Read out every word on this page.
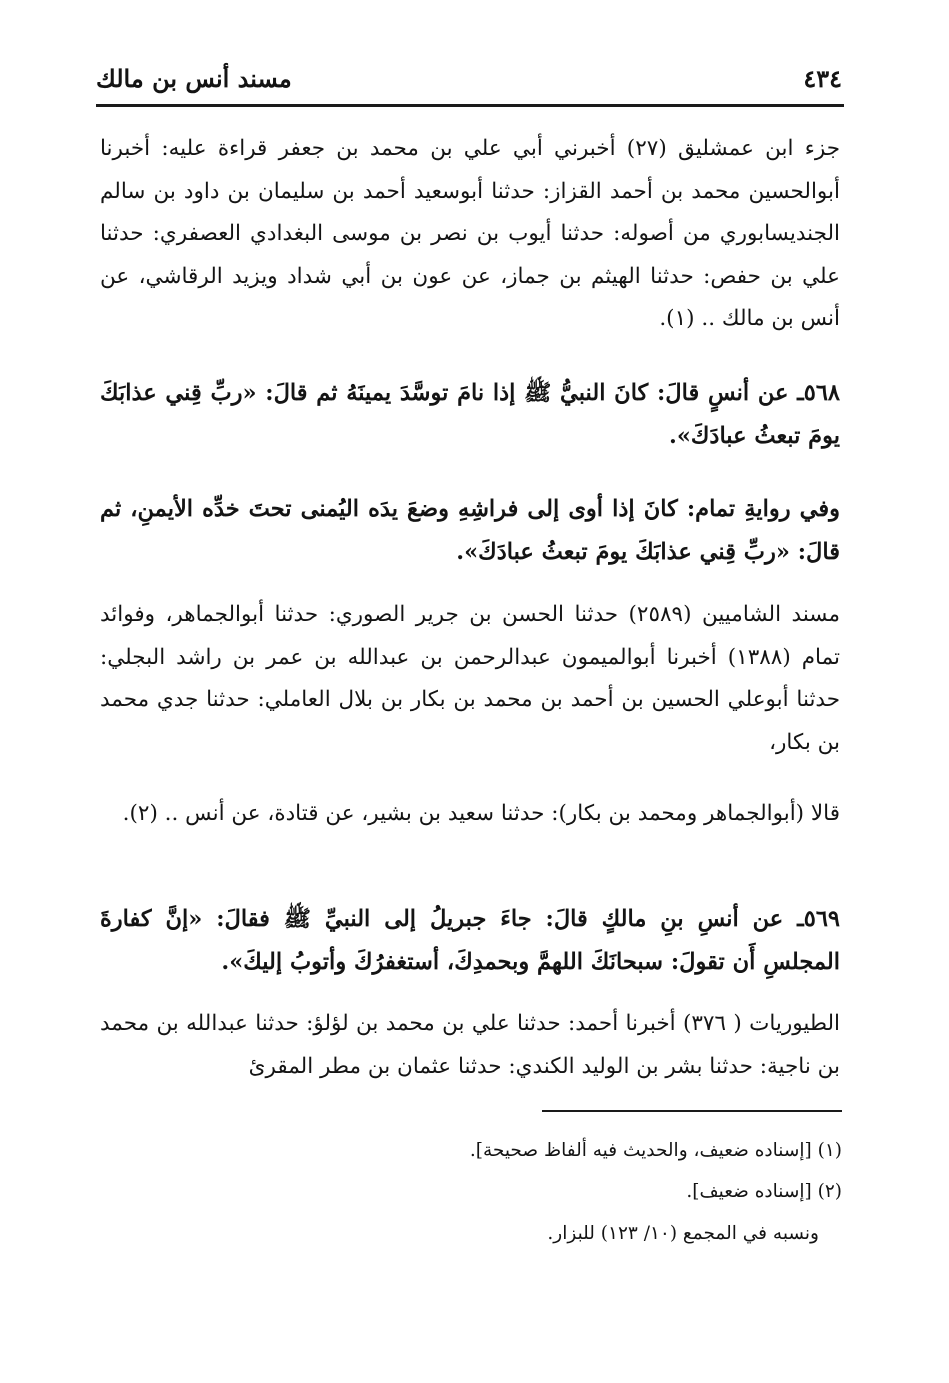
٤٣٤
مسند أنس بن مالك

جزء ابن عمشليق (٢٧) أخبرني أبي علي بن محمد بن جعفر قراءة عليه: أخبرنا أبوالحسين محمد بن أحمد القزاز: حدثنا أبوسعيد أحمد بن سليمان بن داود بن سالم الجنديسابوري من أصوله: حدثنا أيوب بن نصر بن موسى البغدادي العصفري: حدثنا علي بن حفص: حدثنا الهيثم بن جماز، عن عون بن أبي شداد ويزيد الرقاشي، عن أنس بن مالك .. (١).

٥٦٨ـ عن أنسٍ قالَ: كانَ النبيُّ ﷺ إذا نامَ توسَّدَ يمينَهُ ثم قالَ: «ربِّ قِني عذابَكَ يومَ تبعثُ عبادَكَ».

وفي روايةِ تمام: كانَ إذا أوى إلى فراشِهِ وضعَ يدَه اليُمنى تحتَ خدِّه الأيمنِ، ثم قالَ: «ربِّ قِني عذابَكَ يومَ تبعثُ عبادَكَ».

مسند الشاميين (٢٥٨٩) حدثنا الحسن بن جرير الصوري: حدثنا أبوالجماهر، وفوائد تمام (١٣٨٨) أخبرنا أبوالميمون عبدالرحمن بن عبدالله بن عمر بن راشد البجلي: حدثنا أبوعلي الحسين بن أحمد بن محمد بن بكار بن بلال العاملي: حدثنا جدي محمد بن بكار،

قالا (أبوالجماهر ومحمد بن بكار): حدثنا سعيد بن بشير، عن قتادة، عن أنس .. (٢).

٥٦٩ـ عن أنسِ بنِ مالكٍ قالَ: جاءَ جبريلُ إلى النبيِّ ﷺ فقالَ: «إنَّ كفارةَ المجلسِ أَن تقولَ: سبحانَكَ اللهمَّ وبحمدِكَ، أستغفرُكَ وأتوبُ إليكَ».

الطيوريات ( ٣٧٦) أخبرنا أحمد: حدثنا علي بن محمد بن لؤلؤ: حدثنا عبدالله بن محمد بن ناجية: حدثنا بشر بن الوليد الكندي: حدثنا عثمان بن مطر المقرئ

(١) [إسناده ضعيف، والحديث فيه ألفاظ صحيحة].
(٢) [إسناده ضعيف].
ونسبه في المجمع (١٠/ ١٢٣) للبزار.
